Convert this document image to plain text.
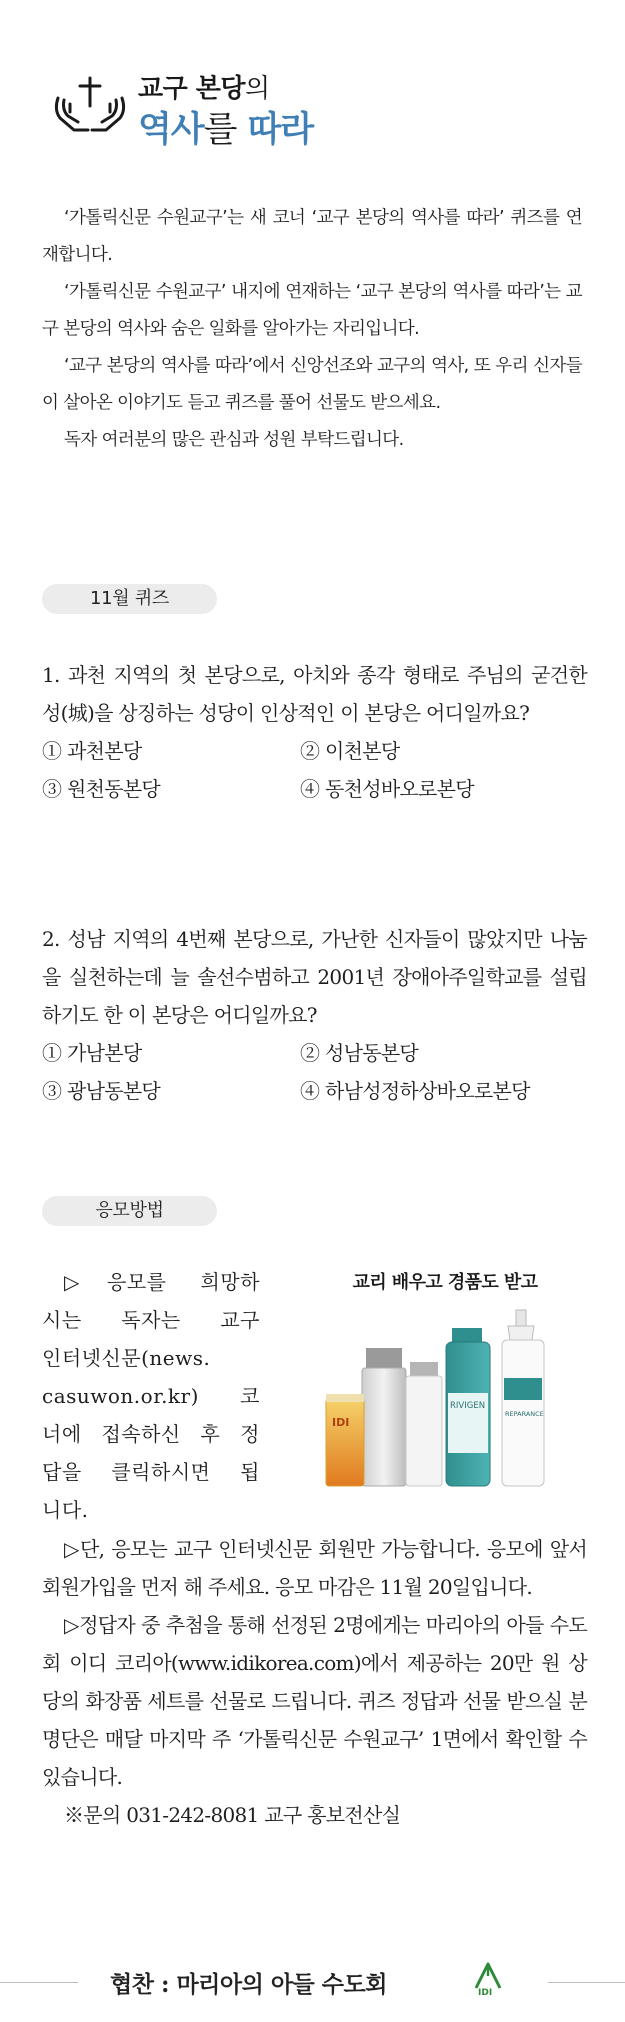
교구 본당의
역사를 따라

‘가톨릭신문 수원교구’는 새 코너 ‘교구 본당의 역사를 따라’ 퀴즈를 연재합니다.

‘가톨릭신문 수원교구’ 내지에 연재하는 ‘교구 본당의 역사를 따라’는 교구 본당의 역사와 숨은 일화를 알아가는 자리입니다.

‘교구 본당의 역사를 따라’에서 신앙선조와 교구의 역사, 또 우리 신자들이 살아온 이야기도 듣고 퀴즈를 풀어 선물도 받으세요.

독자 여러분의 많은 관심과 성원 부탁드립니다.

11월 퀴즈

1. 과천 지역의 첫 본당으로, 아치와 종각 형태로 주님의 굳건한 성(城)을 상징하는 성당이 인상적인 이 본당은 어디일까요?

① 과천본당	② 이천본당
③ 원천동본당	④ 동천성바오로본당

2. 성남 지역의 4번째 본당으로, 가난한 신자들이 많았지만 나눔을 실천하는데 늘 솔선수범하고 2001년 장애아주일학교를 설립하기도 한 이 본당은 어디일까요?

① 가남본당	② 성남동본당
③ 광남동본당	④ 하남성정하상바오로본당
응모방법
▷응모를 희망하
시는 독자는 교구
인터넷신문(news.
casuwon.or.kr) 코
너에 접속하신 후 정
답을 클릭하시면 됩
니다.
교리 배우고 경품도 받고
IDI
RIVIGEN
REPARANCE

▷단, 응모는 교구 인터넷신문 회원만 가능합니다. 응모에 앞서 회원가입을 먼저 해 주세요. 응모 마감은 11월 20일입니다.

▷정답자 중 추첨을 통해 선정된 2명에게는 마리아의 아들 수도회 이디 코리아(www.idikorea.com)에서 제공하는 20만 원 상당의 화장품 세트를 선물로 드립니다. 퀴즈 정답과 선물 받으실 분 명단은 매달 마지막 주 ‘가톨릭신문 수원교구’ 1면에서 확인할 수 있습니다.

※문의 031-242-8081 교구 홍보전산실

협찬 : 마리아의 아들 수도회	IDI
